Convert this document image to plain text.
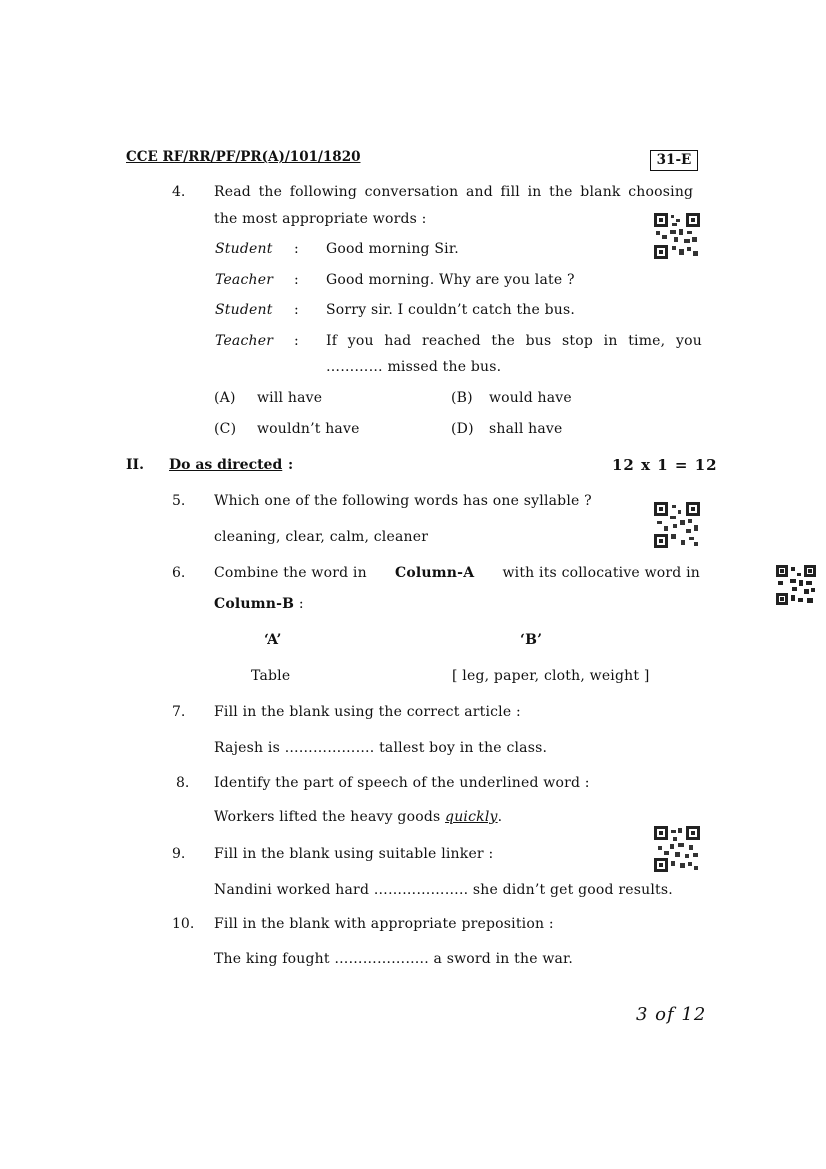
CCE RF/RR/PF/PR(A)/101/1820	31-E
4. Read the following conversation and fill in the blank choosing
the most appropriate words :
Student : Good morning Sir.
Teacher : Good morning. Why are you late ?
Student : Sorry sir. I couldn’t catch the bus.
Teacher : If you had reached the bus stop in time, you
………… missed the bus.
(A) will have	(B) would have
(C) wouldn’t have	(D) shall have
II. Do as directed :	12 x 1 = 12
5. Which one of the following words has one syllable ?
cleaning, clear, calm, cleaner
6. Combine the word in Column-A with its collocative word in
Column-B :
‘A’	‘B’
Table	[ leg, paper, cloth, weight ]
7. Fill in the blank using the correct article :
Rajesh is ………………. tallest boy in the class.
8. Identify the part of speech of the underlined word :
Workers lifted the heavy goods quickly.
9. Fill in the blank using suitable linker :
Nandini worked hard ……………….. she didn’t get good results.
10. Fill in the blank with appropriate preposition :
The king fought ……………….. a sword in the war.
3 of 12
